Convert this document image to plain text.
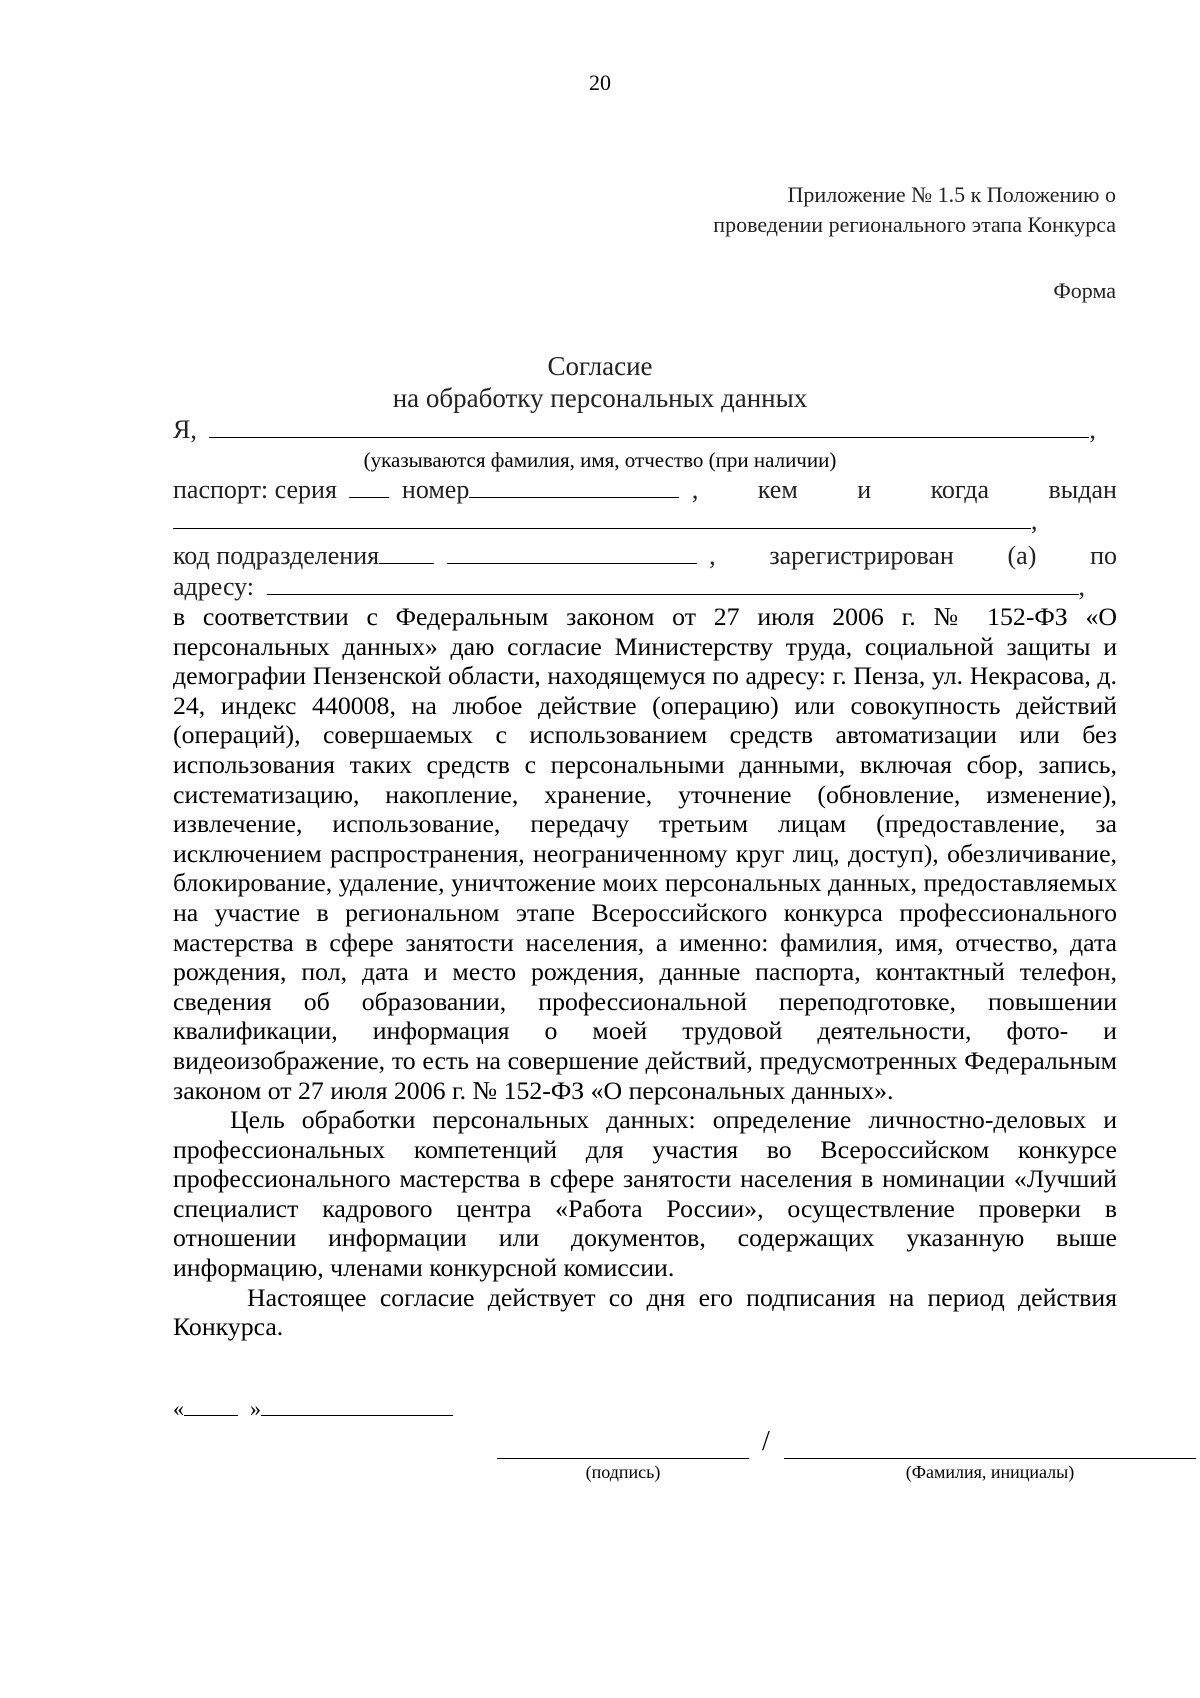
20
Приложение № 1.5 к Положению о
проведении регионального этапа Конкурса
Форма
Согласие
на обработку персональных данных
Я,	,
(указываются фамилия, имя, отчество (при наличии)
паспорт: серия	номер	, кем и когда выдан
,
код подразделения	, зарегистрирован (а) по
адресу:	,

в соответствии с Федеральным законом от 27 июля 2006 г. № 152-ФЗ «О персональных данных» даю согласие Министерству труда, социальной защиты и демографии Пензенской области, находящемуся по адресу: г. Пенза, ул. Некрасова, д. 24, индекс 440008, на любое действие (операцию) или совокупность действий (операций), совершаемых с использованием средств автоматизации или без использования таких средств с персональными данными, включая сбор, запись, систематизацию, накопление, хранение, уточнение (обновление, изменение), извлечение, использование, передачу третьим лицам (предоставление, за исключением распространения, неограниченному круг лиц, доступ), обезличивание, блокирование, удаление, уничтожение моих персональных данных, предоставляемых на участие в региональном этапе Всероссийского конкурса профессионального мастерства в сфере занятости населения, а именно: фамилия, имя, отчество, дата рождения, пол, дата и место рождения, данные паспорта, контактный телефон, сведения об образовании, профессиональной переподготовке, повышении квалификации, информация о моей трудовой деятельности, фото- и видеоизображение, то есть на совершение действий, предусмотренных Федеральным законом от 27 июля 2006 г. № 152-ФЗ «О персональных данных».

Цель обработки персональных данных: определение личностно-деловых и профессиональных компетенций для участия во Всероссийском конкурсе профессионального мастерства в сфере занятости населения в номинации «Лучший специалист кадрового центра «Работа России», осуществление проверки в отношении информации или документов, содержащих указанную выше информацию, членами конкурсной комиссии.

Настоящее согласие действует со дня его подписания на период действия Конкурса.

«	»
/
(подпись)	(Фамилия, инициалы)
